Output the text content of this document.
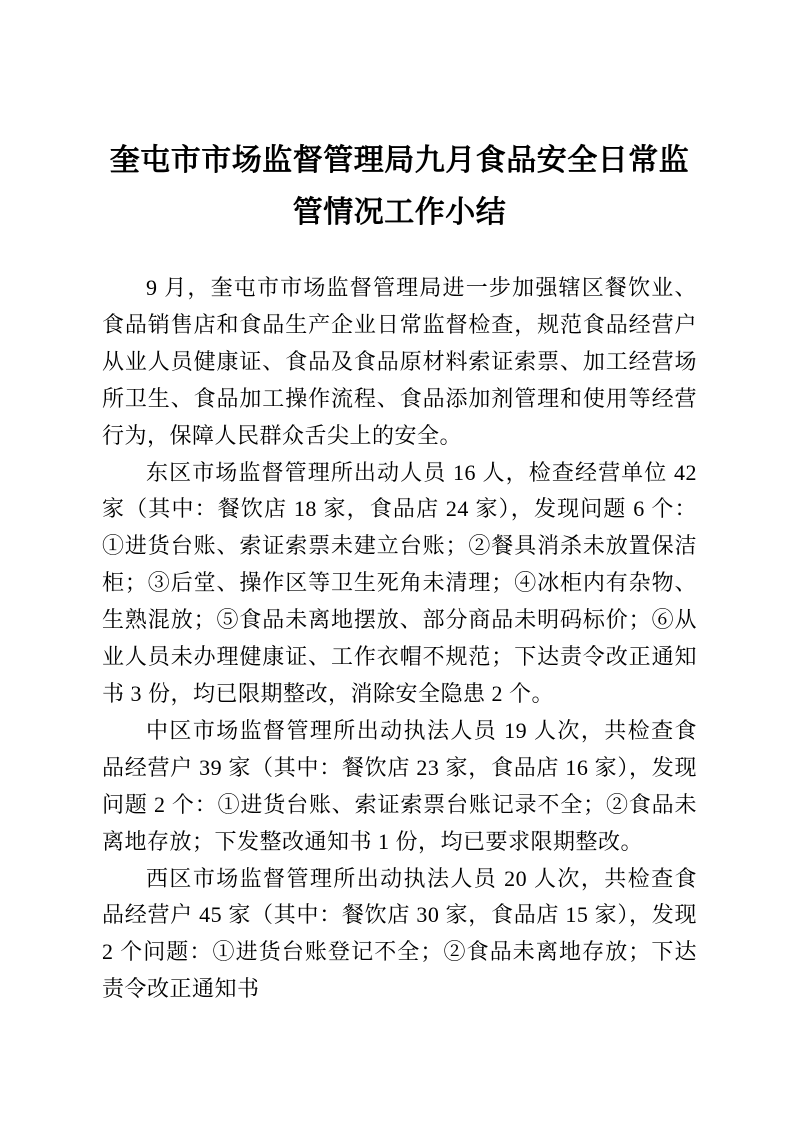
奎屯市市场监督管理局九月食品安全日常监管情况工作小结

9 月，奎屯市市场监督管理局进一步加强辖区餐饮业、食品销售店和食品生产企业日常监督检查，规范食品经营户从业人员健康证、食品及食品原材料索证索票、加工经营场所卫生、食品加工操作流程、食品添加剂管理和使用等经营行为，保障人民群众舌尖上的安全。

东区市场监督管理所出动人员 16 人，检查经营单位 42 家（其中：餐饮店 18 家，食品店 24 家），发现问题 6 个：①进货台账、索证索票未建立台账；②餐具消杀未放置保洁柜；③后堂、操作区等卫生死角未清理；④冰柜内有杂物、生熟混放；⑤食品未离地摆放、部分商品未明码标价；⑥从业人员未办理健康证、工作衣帽不规范；下达责令改正通知书 3 份，均已限期整改，消除安全隐患 2 个。

中区市场监督管理所出动执法人员 19 人次，共检查食品经营户 39 家（其中：餐饮店 23 家，食品店 16 家），发现问题 2 个：①进货台账、索证索票台账记录不全；②食品未离地存放；下发整改通知书 1 份，均已要求限期整改。

西区市场监督管理所出动执法人员 20 人次，共检查食品经营户 45 家（其中：餐饮店 30 家，食品店 15 家），发现 2 个问题：①进货台账登记不全；②食品未离地存放；下达责令改正通知书
